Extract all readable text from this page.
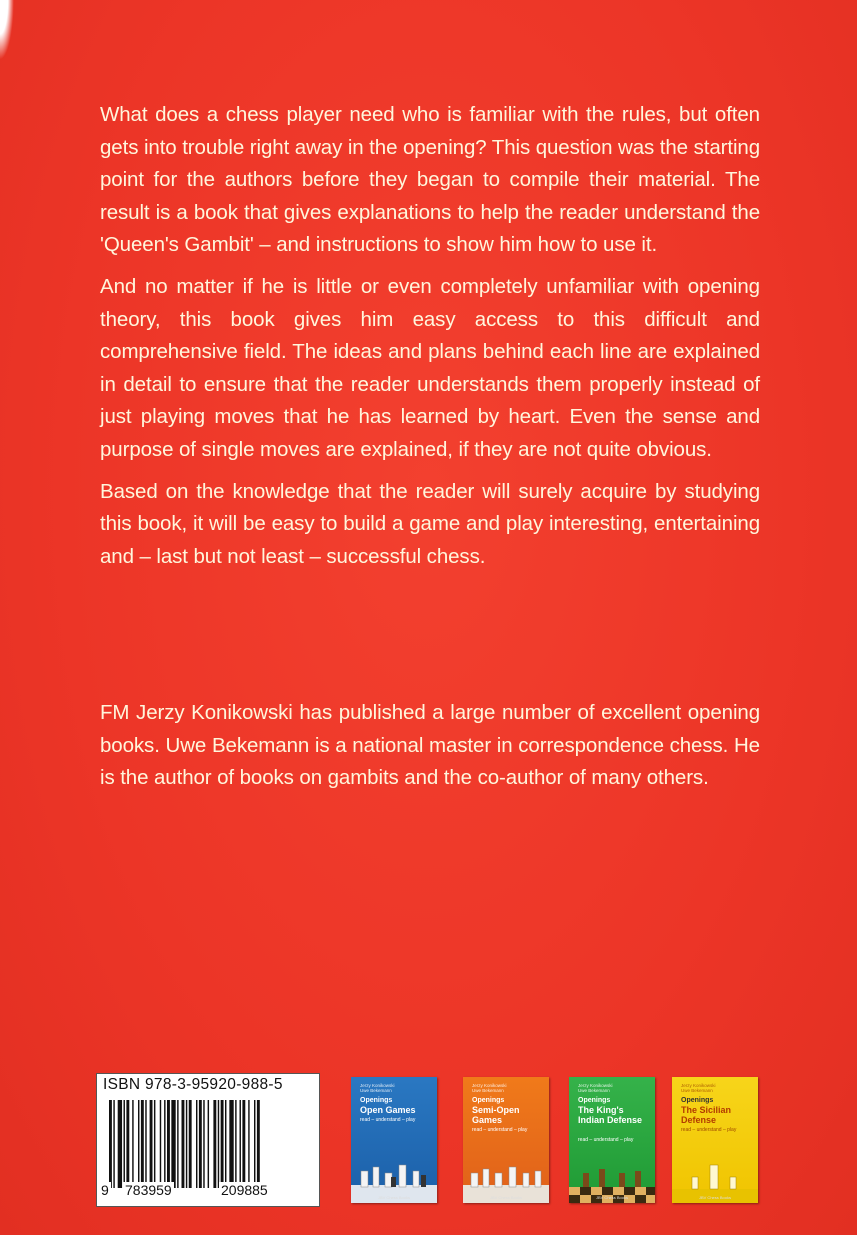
What does a chess player need who is familiar with the rules, but often gets into trouble right away in the opening? This question was the starting point for the authors before they began to compile their material. The result is a book that gives explanations to help the reader understand the 'Queen's Gambit' – and instructions to show him how to use it.

And no matter if he is little or even completely unfamiliar with opening theory, this book gives him easy access to this difficult and comprehensive field. The ideas and plans behind each line are explained in detail to ensure that the reader understands them properly instead of just playing moves that he has learned by heart. Even the sense and purpose of single moves are explained, if they are not quite obvious.

Based on the knowledge that the reader will surely acquire by studying this book, it will be easy to build a game and play interesting, entertaining and – last but not least – successful chess.

FM Jerzy Konikowski has published a large number of excellent opening books. Uwe Bekemann is a national master in correspondence chess. He is the author of books on gambits and the co-author of many others.

ISBN 978-3-95920-988-5
9 783959	209885
Jerzy Konikowski
Uwe Bekemann
Openings
Open Games
read – understand – play
JBV Chess Books
Jerzy Konikowski
Uwe Bekemann
Openings
Semi-Open Games
read – understand – play
JBV Chess Books
Jerzy Konikowski
Uwe Bekemann
Openings
The King's Indian Defense
read – understand – play
JBV Chess Books
Jerzy Konikowski
Uwe Bekemann
Openings
The Sicilian Defense
read – understand – play
JBV Chess Books
